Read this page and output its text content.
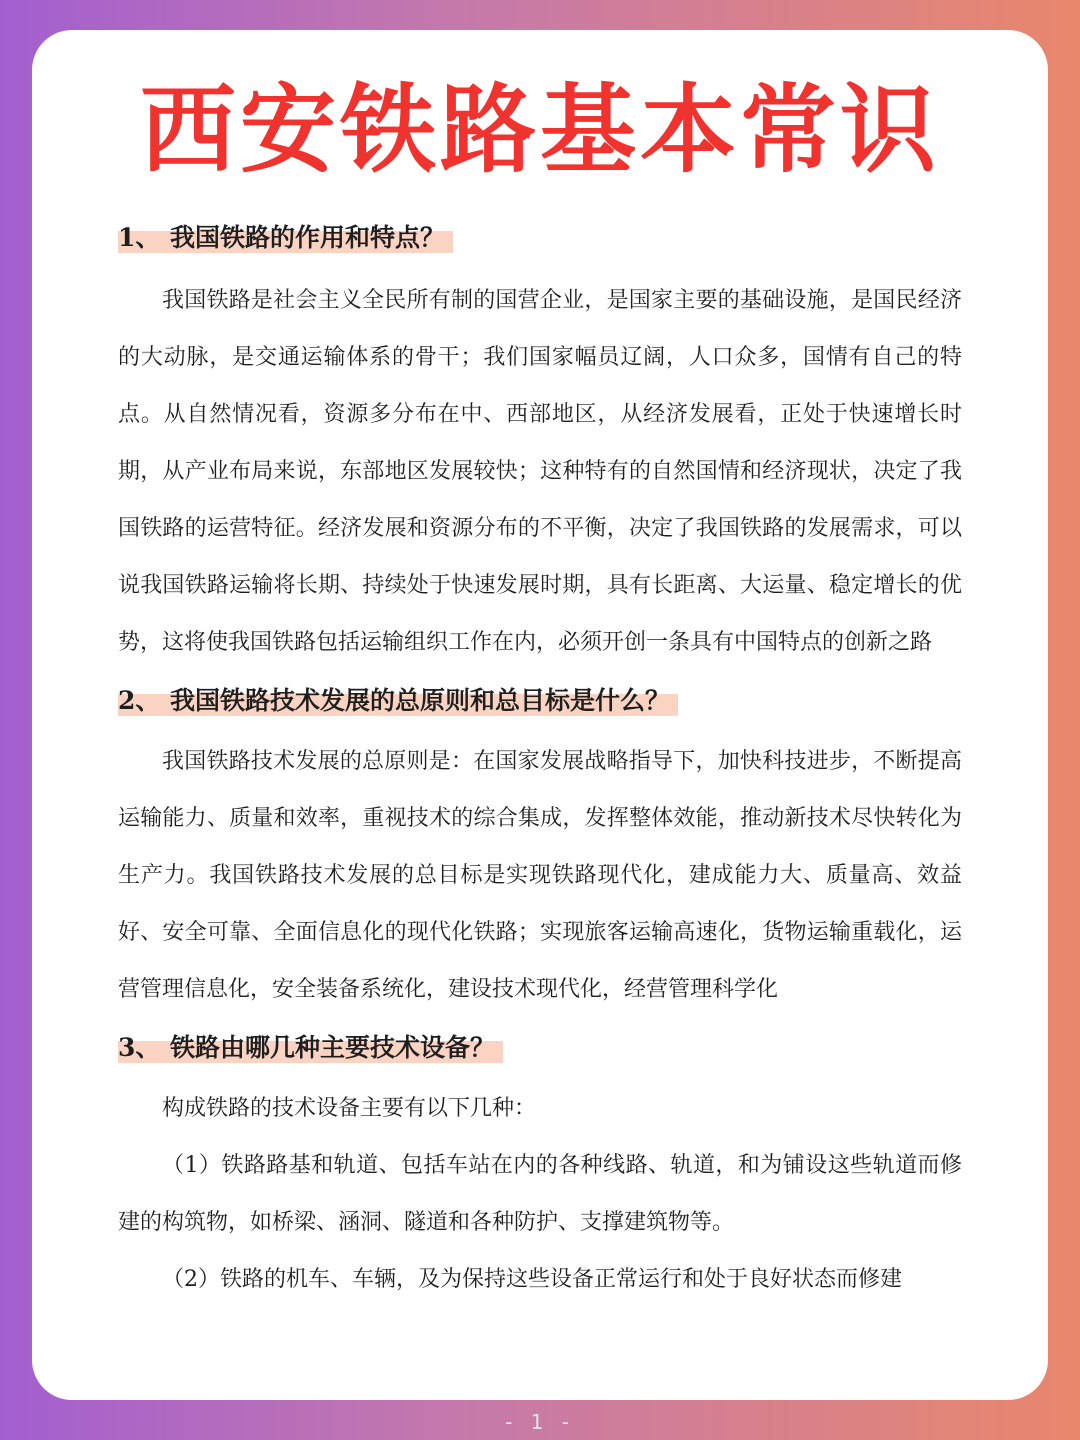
西安铁路基本常识
1、 我国铁路的作用和特点？

我国铁路是社会主义全民所有制的国营企业，是国家主要的基础设施，是国民经济的大动脉，是交通运输体系的骨干；我们国家幅员辽阔，人口众多，国情有自己的特点。从自然情况看，资源多分布在中、西部地区，从经济发展看，正处于快速增长时期，从产业布局来说，东部地区发展较快；这种特有的自然国情和经济现状，决定了我国铁路的运营特征。经济发展和资源分布的不平衡，决定了我国铁路的发展需求，可以说我国铁路运输将长期、持续处于快速发展时期，具有长距离、大运量、稳定增长的优势，这将使我国铁路包括运输组织工作在内，必须开创一条具有中国特点的创新之路

2、 我国铁路技术发展的总原则和总目标是什么？

我国铁路技术发展的总原则是：在国家发展战略指导下，加快科技进步，不断提高运输能力、质量和效率，重视技术的综合集成，发挥整体效能，推动新技术尽快转化为生产力。我国铁路技术发展的总目标是实现铁路现代化，建成能力大、质量高、效益好、安全可靠、全面信息化的现代化铁路；实现旅客运输高速化，货物运输重载化，运营管理信息化，安全装备系统化，建设技术现代化，经营管理科学化

3、 铁路由哪几种主要技术设备？

构成铁路的技术设备主要有以下几种：

（1）铁路路基和轨道、包括车站在内的各种线路、轨道，和为铺设这些轨道而修建的构筑物，如桥梁、涵洞、隧道和各种防护、支撑建筑物等。

（2）铁路的机车、车辆，及为保持这些设备正常运行和处于良好状态而修建

- 1 -
